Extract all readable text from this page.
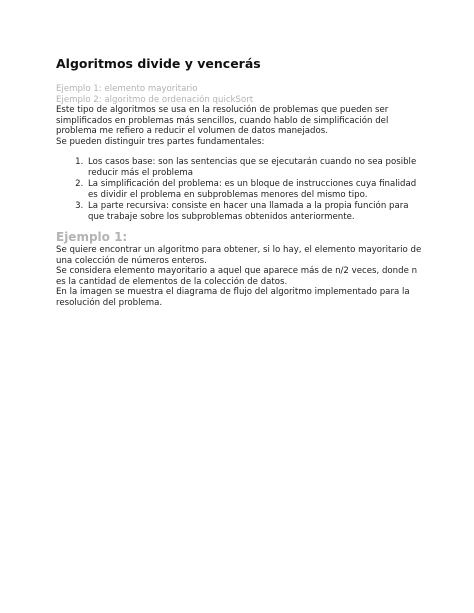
Algoritmos divide y vencerás
Ejemplo 1: elemento mayoritario
Ejemplo 2: algoritmo de ordenación quickSort

Este tipo de algoritmos se usa en la resolución de problemas que pueden ser simplificados en problemas más sencillos, cuando hablo de simplificación del problema me refiero a reducir el volumen de datos manejados.

Se pueden distinguir tres partes fundamentales:

1. Los casos base: son las sentencias que se ejecutarán cuando no sea posible reducir más el problema
2. La simplificación del problema: es un bloque de instrucciones cuya finalidad es dividir el problema en subproblemas menores del mismo tipo.
3. La parte recursiva: consiste en hacer una llamada a la propia función para que trabaje sobre los subproblemas obtenidos anteriormente.
Ejemplo 1:

Se quiere encontrar un algoritmo para obtener, si lo hay, el elemento mayoritario de una colección de números enteros.

Se considera elemento mayoritario a aquel que aparece más de n/2 veces, donde n es la cantidad de elementos de la colección de datos.

En la imagen se muestra el diagrama de flujo del algoritmo implementado para la resolución del problema.
